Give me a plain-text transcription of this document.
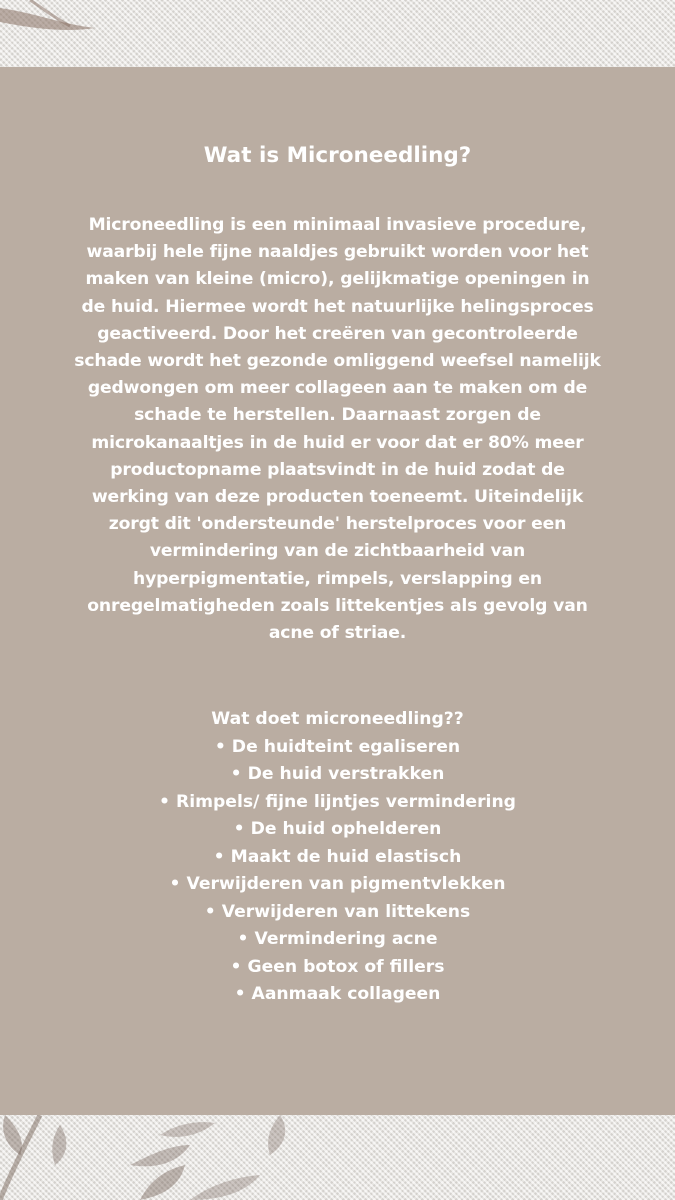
Wat is Microneedling?

Microneedling is een minimaal invasieve procedure, waarbij hele fijne naaldjes gebruikt worden voor het maken van kleine (micro), gelijkmatige openingen in de huid. Hiermee wordt het natuurlijke helingsproces geactiveerd. Door het creëren van gecontroleerde schade wordt het gezonde omliggend weefsel namelijk gedwongen om meer collageen aan te maken om de schade te herstellen. Daarnaast zorgen de microkanaaltjes in de huid er voor dat er 80% meer productopname plaatsvindt in de huid zodat de werking van deze producten toeneemt. Uiteindelijk zorgt dit 'ondersteunde' herstelproces voor een vermindering van de zichtbaarheid van hyperpigmentatie, rimpels, verslapping en onregelmatigheden zoals littekentjes als gevolg van acne of striae.

Wat doet microneedling??
• De huidteint egaliseren
• De huid verstrakken
• Rimpels/ fijne lijntjes vermindering
• De huid ophelderen
• Maakt de huid elastisch
• Verwijderen van pigmentvlekken
• Verwijderen van littekens
• Vermindering acne
• Geen botox of fillers
• Aanmaak collageen
